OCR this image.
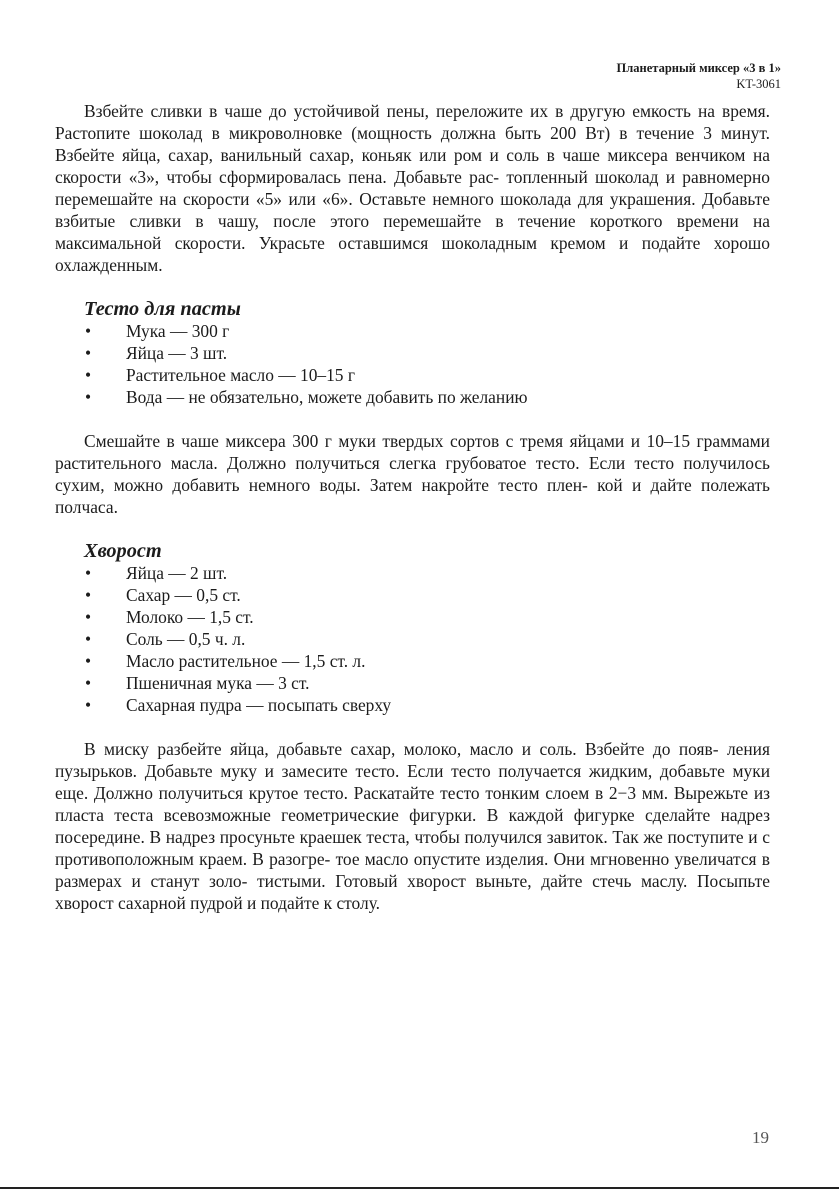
Планетарный миксер «3 в 1»
KT-3061

Взбейте сливки в чаше до устойчивой пены, переложите их в другую емкость на время. Растопите шоколад в микроволновке (мощность должна быть 200 Вт) в течение 3 минут. Взбейте яйца, сахар, ванильный сахар, коньяк или ром и соль в чаше миксера венчиком на скорости «3», чтобы сформировалась пена. Добавьте рас- топленный шоколад и равномерно перемешайте на скорости «5» или «6». Оставьте немного шоколада для украшения. Добавьте взбитые сливки в чашу, после этого перемешайте в течение короткого времени на максимальной скорости. Украсьте оставшимся шоколадным кремом и подайте хорошо охлажденным.

Тесто для пасты
• Мука — 300 г
• Яйца — 3 шт.
• Растительное масло — 10–15 г
• Вода — не обязательно, можете добавить по желанию

Смешайте в чаше миксера 300 г муки твердых сортов с тремя яйцами и 10–15 граммами растительного масла. Должно получиться слегка грубоватое тесто. Если тесто получилось сухим, можно добавить немного воды. Затем накройте тесто плен- кой и дайте полежать полчаса.

Хворост
• Яйца — 2 шт.
• Сахар — 0,5 ст.
• Молоко — 1,5 ст.
• Соль — 0,5 ч. л.
• Масло растительное — 1,5 ст. л.
• Пшеничная мука — 3 ст.
• Сахарная пудра — посыпать сверху

В миску разбейте яйца, добавьте сахар, молоко, масло и соль. Взбейте до появ- ления пузырьков. Добавьте муку и замесите тесто. Если тесто получается жидким, добавьте муки еще. Должно получиться крутое тесто. Раскатайте тесто тонким слоем в 2−3 мм. Вырежьте из пласта теста всевозможные геометрические фигурки. В каждой фигурке сделайте надрез посередине. В надрез просуньте краешек теста, чтобы получился завиток. Так же поступите и с противоположным краем. В разогре- тое масло опустите изделия. Они мгновенно увеличатся в размерах и станут золо- тистыми. Готовый хворост выньте, дайте стечь маслу. Посыпьте хворост сахарной пудрой и подайте к столу.

19
